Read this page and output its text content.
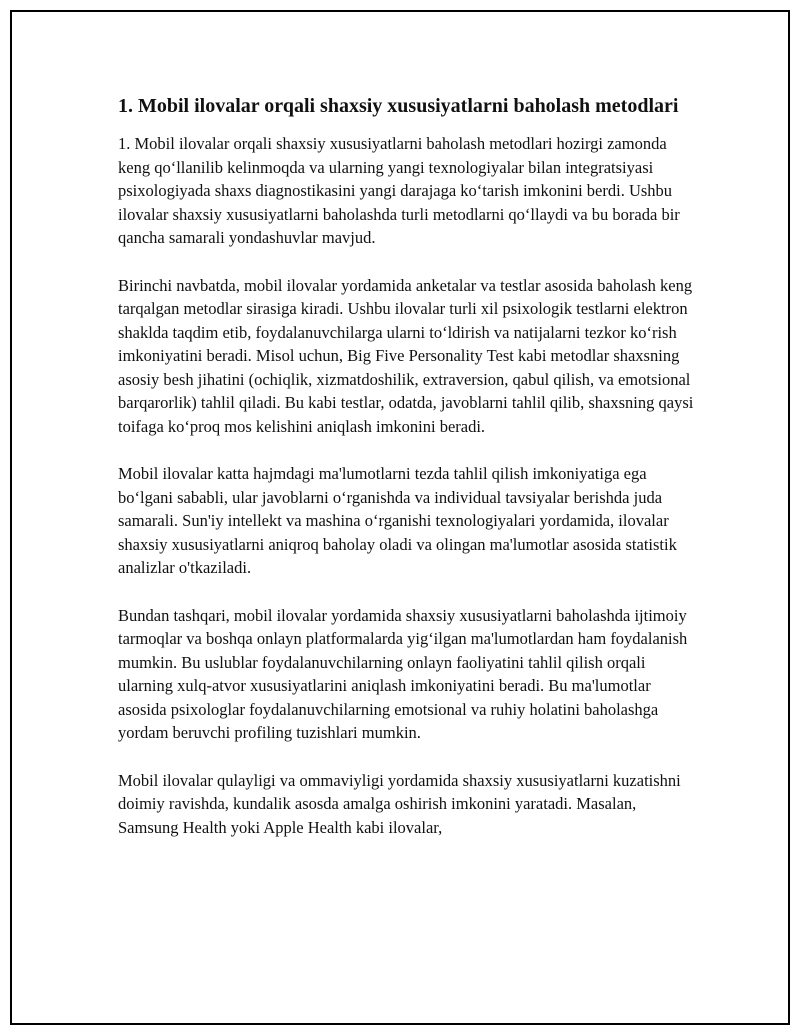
1. Mobil ilovalar orqali shaxsiy xususiyatlarni baholash metodlari

1. Mobil ilovalar orqali shaxsiy xususiyatlarni baholash metodlari hozirgi zamonda keng qo‘llanilib kelinmoqda va ularning yangi texnologiyalar bilan integratsiyasi psixologiyada shaxs diagnostikasini yangi darajaga ko‘tarish imkonini berdi. Ushbu ilovalar shaxsiy xususiyatlarni baholashda turli metodlarni qo‘llaydi va bu borada bir qancha samarali yondashuvlar mavjud.

Birinchi navbatda, mobil ilovalar yordamida anketalar va testlar asosida baholash keng tarqalgan metodlar sirasiga kiradi. Ushbu ilovalar turli xil psixologik testlarni elektron shaklda taqdim etib, foydalanuvchilarga ularni to‘ldirish va natijalarni tezkor ko‘rish imkoniyatini beradi. Misol uchun, Big Five Personality Test kabi metodlar shaxsning asosiy besh jihatini (ochiqlik, xizmatdoshilik, extraversion, qabul qilish, va emotsional barqarorlik) tahlil qiladi. Bu kabi testlar, odatda, javoblarni tahlil qilib, shaxsning qaysi toifaga ko‘proq mos kelishini aniqlash imkonini beradi.

Mobil ilovalar katta hajmdagi ma'lumotlarni tezda tahlil qilish imkoniyatiga ega bo‘lgani sababli, ular javoblarni o‘rganishda va individual tavsiyalar berishda juda samarali. Sun'iy intellekt va mashina o‘rganishi texnologiyalari yordamida, ilovalar shaxsiy xususiyatlarni aniqroq baholay oladi va olingan ma'lumotlar asosida statistik analizlar o'tkaziladi.

Bundan tashqari, mobil ilovalar yordamida shaxsiy xususiyatlarni baholashda ijtimoiy tarmoqlar va boshqa onlayn platformalarda yig‘ilgan ma'lumotlardan ham foydalanish mumkin. Bu uslublar foydalanuvchilarning onlayn faoliyatini tahlil qilish orqali ularning xulq-atvor xususiyatlarini aniqlash imkoniyatini beradi. Bu ma'lumotlar asosida psixologlar foydalanuvchilarning emotsional va ruhiy holatini baholashga yordam beruvchi profiling tuzishlari mumkin.

Mobil ilovalar qulayligi va ommaviyligi yordamida shaxsiy xususiyatlarni kuzatishni doimiy ravishda, kundalik asosda amalga oshirish imkonini yaratadi. Masalan, Samsung Health yoki Apple Health kabi ilovalar,
